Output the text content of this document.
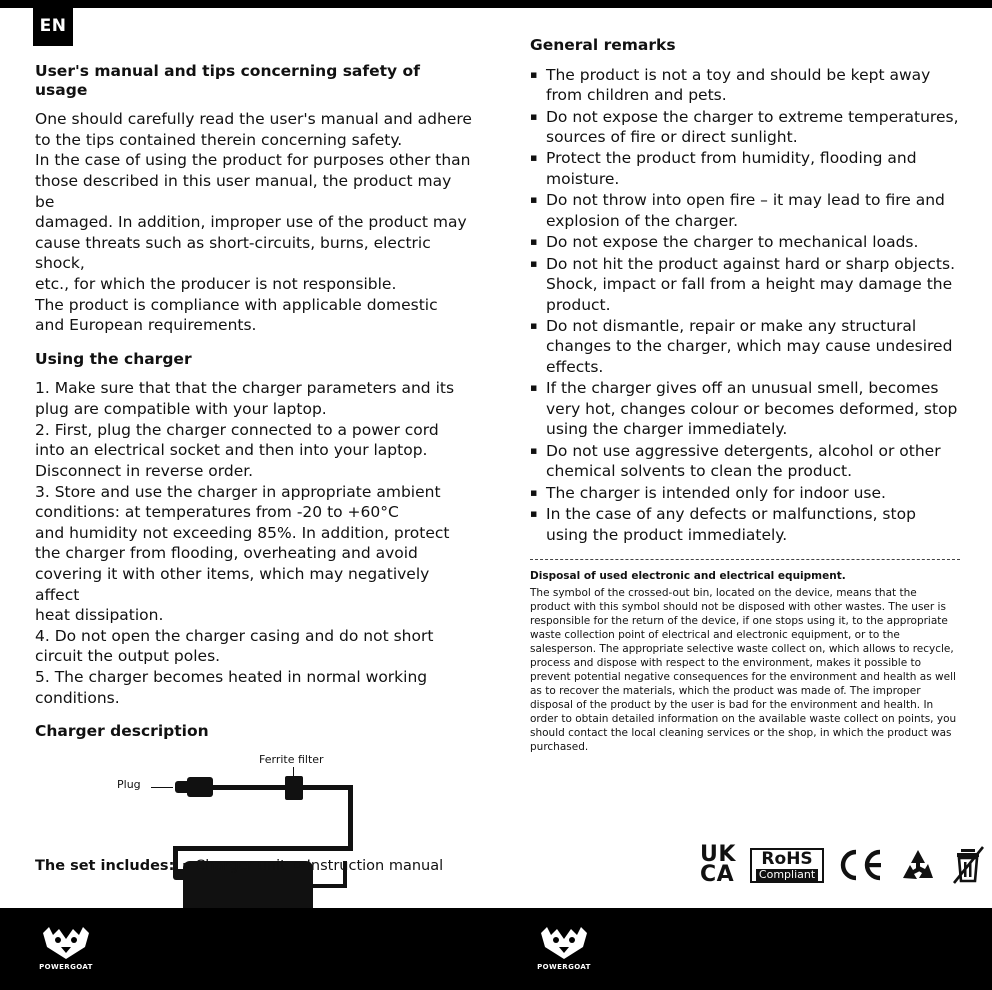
EN
User's manual and tips concerning safety of usage

One should carefully read the user's manual and adhere

to the tips contained therein concerning safety.

In the case of using the product for purposes other than

those described in this user manual, the product may be

damaged. In addition, improper use of the product may

cause threats such as short-circuits, burns, electric shock,

etc., for which the producer is not responsible.

The product is compliance with applicable domestic

and European requirements.

Using the charger

1. Make sure that that the charger parameters and its

plug are compatible with your laptop.

2. First, plug the charger connected to a power cord

into an electrical socket and then into your laptop.

Disconnect in reverse order.

3. Store and use the charger in appropriate ambient

conditions: at temperatures from -20 to +60°C

and humidity not exceeding 85%. In addition, protect

the charger from flooding, overheating and avoid

covering it with other items, which may negatively affect

heat dissipation.

4. Do not open the charger casing and do not short

circuit the output poles.

5. The charger becomes heated in normal working

conditions.

Charger description
Ferrite filter
Plug
The set includes: ▪ Charger unit ▪ Instruction manual
General remarks
▪ The product is not a toy and should be kept away from children and pets.
▪ Do not expose the charger to extreme temperatures, sources of fire or direct sunlight.
▪ Protect the product from humidity, flooding and moisture.
▪ Do not throw into open fire – it may lead to fire and explosion of the charger.
▪ Do not expose the charger to mechanical loads.
▪ Do not hit the product against hard or sharp objects. Shock, impact or fall from a height may damage the product.
▪ Do not dismantle, repair or make any structural changes to the charger, which may cause undesired effects.
▪ If the charger gives off an unusual smell, becomes very hot, changes colour or becomes deformed, stop using the charger immediately.
▪ Do not use aggressive detergents, alcohol or other chemical solvents to clean the product.
▪ The charger is intended only for indoor use.
▪ In the case of any defects or malfunctions, stop using the product immediately.

Disposal of used electronic and electrical equipment.

The symbol of the crossed-out bin, located on the device, means that the product with this symbol should not be disposed with other wastes. The user is responsible for the return of the device, if one stops using it, to the appropriate waste collection point of electrical and electronic equipment, or to the salesperson. The appropriate selective waste collect on, which allows to recycle, process and dispose with respect to the environment, makes it possible to prevent potential negative consequences for the environment and health as well as to recover the materials, which the product was made of. The improper disposal of the product by the user is bad for the environment and health. In order to obtain detailed information on the available waste collect on points, you should contact the local cleaning services or the shop, in which the product was purchased.

UK
CA
RoHS
Compliant
POWERGOAT	POWERGOAT
